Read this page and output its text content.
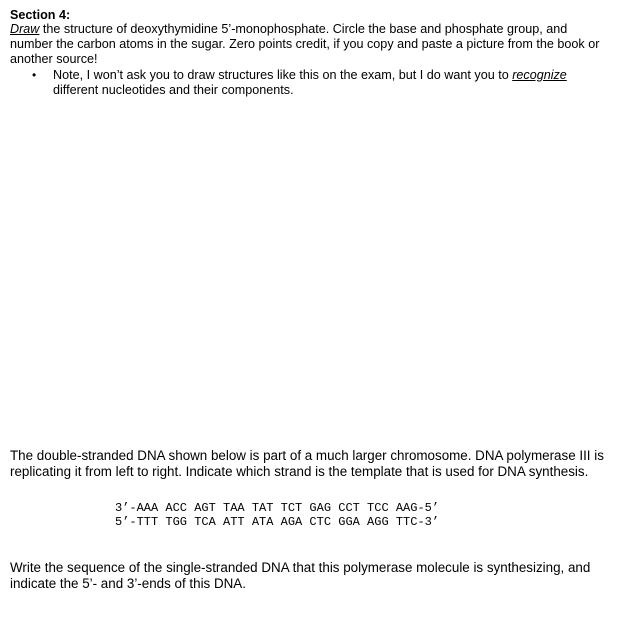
Section 4:

Draw the structure of deoxythymidine 5’-monophosphate. Circle the base and phosphate group, and number the carbon atoms in the sugar. Zero points credit, if you copy and paste a picture from the book or another source!

• Note, I won’t ask you to draw structures like this on the exam, but I do want you to recognize different nucleotides and their components.

The double-stranded DNA shown below is part of a much larger chromosome. DNA polymerase III is replicating it from left to right. Indicate which strand is the template that is used for DNA synthesis.

3’-AAA ACC AGT TAA TAT TCT GAG CCT TCC AAG-5’
5’-TTT TGG TCA ATT ATA AGA CTC GGA AGG TTC-3’

Write the sequence of the single-stranded DNA that this polymerase molecule is synthesizing, and indicate the 5’- and 3’-ends of this DNA.
